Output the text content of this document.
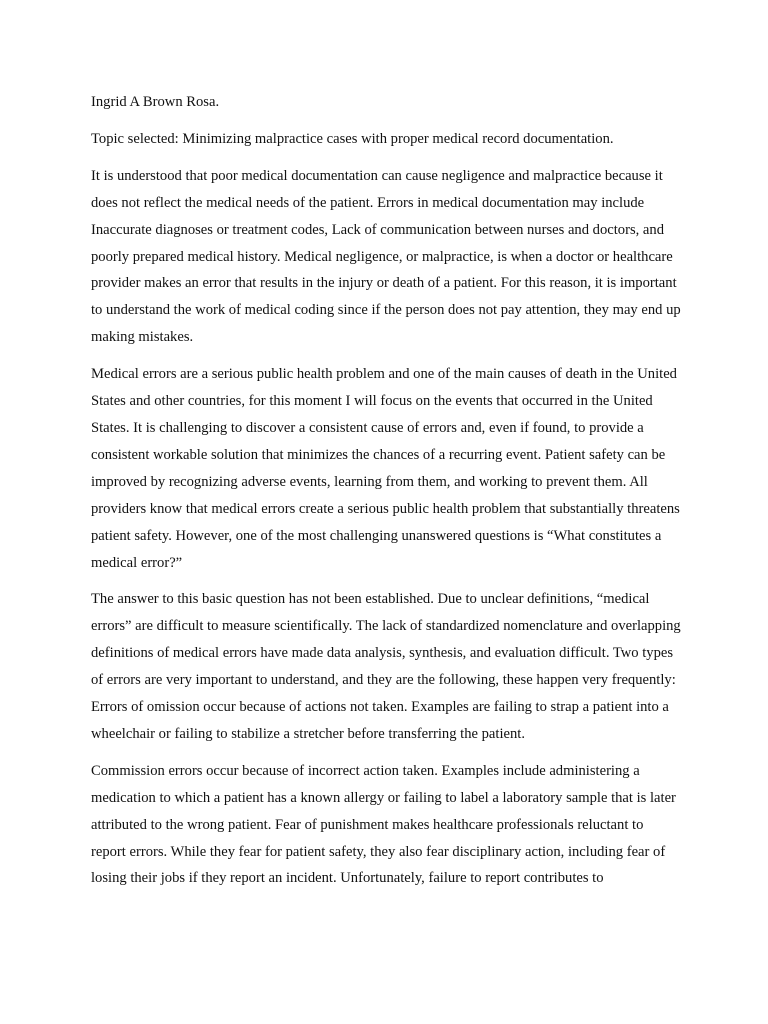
Ingrid A Brown Rosa.

Topic selected: Minimizing malpractice cases with proper medical record documentation.

It is understood that poor medical documentation can cause negligence and malpractice because it does not reflect the medical needs of the patient. Errors in medical documentation may include Inaccurate diagnoses or treatment codes, Lack of communication between nurses and doctors, and poorly prepared medical history. Medical negligence, or malpractice, is when a doctor or healthcare provider makes an error that results in the injury or death of a patient. For this reason, it is important to understand the work of medical coding since if the person does not pay attention, they may end up making mistakes.

Medical errors are a serious public health problem and one of the main causes of death in the United States and other countries, for this moment I will focus on the events that occurred in the United States. It is challenging to discover a consistent cause of errors and, even if found, to provide a consistent workable solution that minimizes the chances of a recurring event. Patient safety can be improved by recognizing adverse events, learning from them, and working to prevent them. All providers know that medical errors create a serious public health problem that substantially threatens patient safety. However, one of the most challenging unanswered questions is “What constitutes a medical error?”

The answer to this basic question has not been established. Due to unclear definitions, “medical errors” are difficult to measure scientifically. The lack of standardized nomenclature and overlapping definitions of medical errors have made data analysis, synthesis, and evaluation difficult. Two types of errors are very important to understand, and they are the following, these happen very frequently: Errors of omission occur because of actions not taken. Examples are failing to strap a patient into a wheelchair or failing to stabilize a stretcher before transferring the patient.

Commission errors occur because of incorrect action taken. Examples include administering a medication to which a patient has a known allergy or failing to label a laboratory sample that is later attributed to the wrong patient. Fear of punishment makes healthcare professionals reluctant to report errors. While they fear for patient safety, they also fear disciplinary action, including fear of losing their jobs if they report an incident. Unfortunately, failure to report contributes to
